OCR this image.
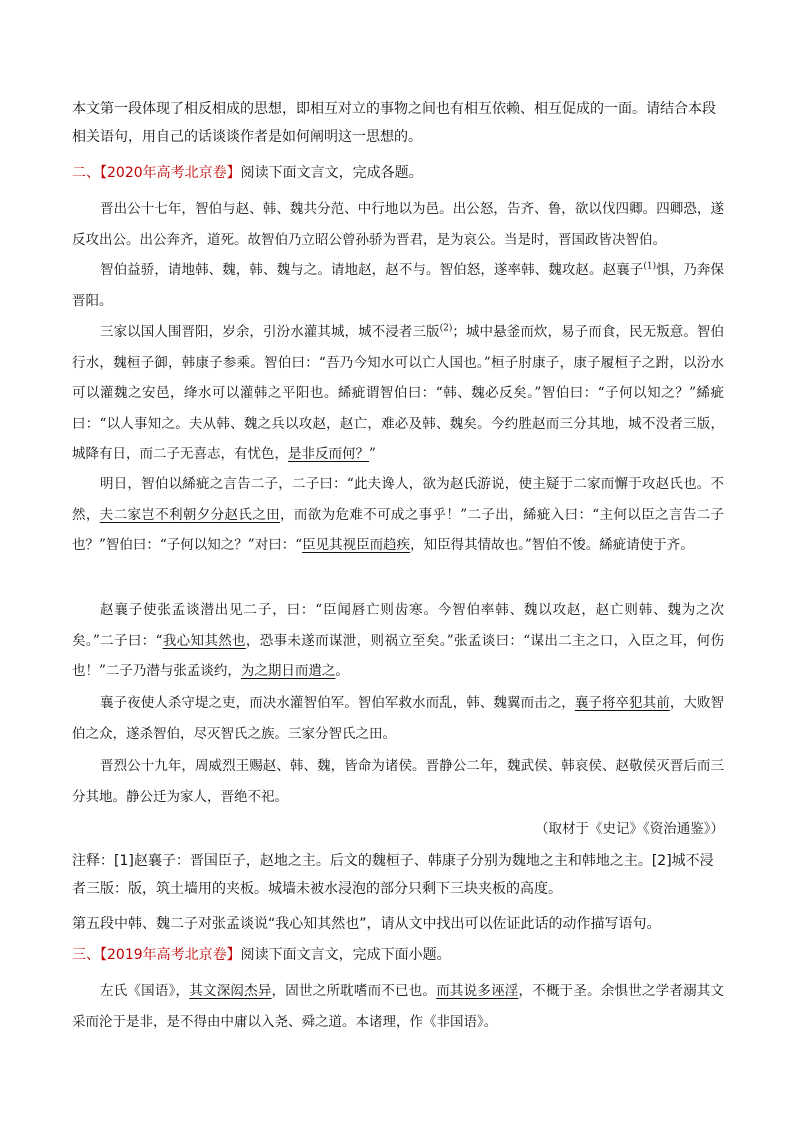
本文第一段体现了相反相成的思想，即相互对立的事物之间也有相互依赖、相互促成的一面。请结合本段
相关语句，用自己的话谈谈作者是如何阐明这一思想的。

二、【2020年高考北京卷】阅读下面文言文，完成各题。

晋出公十七年，智伯与赵、韩、魏共分范、中行地以为邑。出公怒，告齐、鲁，欲以伐四卿。四卿恐，遂反攻出公。出公奔齐，道死。故智伯乃立昭公曾孙骄为晋君，是为哀公。当是时，晋国政皆决智伯。

智伯益骄，请地韩、魏，韩、魏与之。请地赵，赵不与。智伯怒，遂率韩、魏攻赵。赵襄子$^{(1)}$惧，乃奔保晋阳。

三家以国人围晋阳，岁余，引汾水灌其城，城不浸者三版$^{(2)}$；城中悬釜而炊，易子而食，民无叛意。智伯行水，魏桓子御，韩康子参乘。智伯曰：“吾乃今知水可以亡人国也。”桓子肘康子，康子履桓子之跗，以汾水可以灌魏之安邑，绛水可以灌韩之平阳也。絺疵谓智伯曰：“韩、魏必反矣。”智伯曰：“子何以知之？”絺疵曰：“以人事知之。夫从韩、魏之兵以攻赵，赵亡，难必及韩、魏矣。今约胜赵而三分其地，城不没者三版，城降有日，而二子无喜志，有忧色，是非反而何？”

明日，智伯以絺疵之言告二子，二子曰：“此夫谗人，欲为赵氏游说，使主疑于二家而懈于攻赵氏也。不然，夫二家岂不利朝夕分赵氏之田，而欲为危难不可成之事乎！”二子出，絺疵入曰：“主何以臣之言告二子也？”智伯曰：“子何以知之？”对曰：“臣见其视臣而趋疾，知臣得其情故也。”智伯不悛。絺疵请使于齐。

赵襄子使张孟谈潜出见二子，曰：“臣闻唇亡则齿寒。今智伯率韩、魏以攻赵，赵亡则韩、魏为之次矣。”二子曰：“我心知其然也，恐事未遂而谋泄，则祸立至矣。”张孟谈曰：“谋出二主之口，入臣之耳，何伤也！”二子乃潜与张孟谈约，为之期日而遣之。

襄子夜使人杀守堤之吏，而决水灌智伯军。智伯军救水而乱，韩、魏翼而击之，襄子将卒犯其前，大败智伯之众，遂杀智伯，尽灭智氏之族。三家分智氏之田。

晋烈公十九年，周威烈王赐赵、韩、魏，皆命为诸侯。晋静公二年，魏武侯、韩哀侯、赵敬侯灭晋后而三分其地。静公迁为家人，晋绝不祀。

（取材于《史记》《资治通鉴》）

注释：[1]赵襄子：晋国臣子，赵地之主。后文的魏桓子、韩康子分别为魏地之主和韩地之主。[2]城不浸
者三版：版，筑土墙用的夹板。城墙未被水浸泡的部分只剩下三块夹板的高度。

第五段中韩、魏二子对张孟谈说“我心知其然也”，请从文中找出可以佐证此话的动作描写语句。

三、【2019年高考北京卷】阅读下面文言文，完成下面小题。

左氏《国语》，其文深闳杰异，固世之所耽嗜而不已也。而其说多诬淫，不概于圣。余惧世之学者溺其文采而沦于是非，是不得由中庸以入尧、舜之道。本诸理，作《非国语》。
